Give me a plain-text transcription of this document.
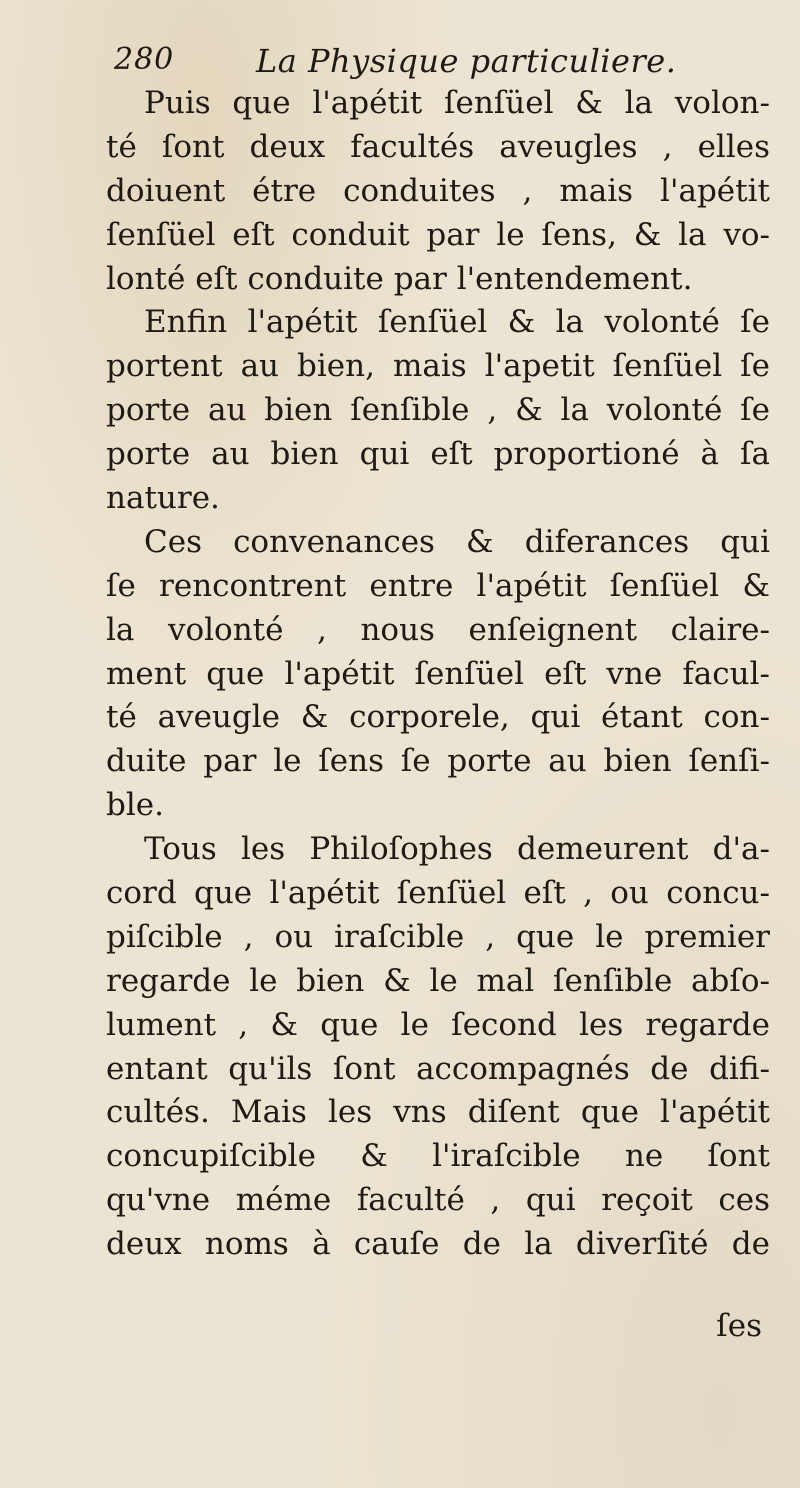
280	La Physique particuliere.
Puis que l'apétit ſenſüel & la volon-
té ſont deux facultés aveugles , elles
doiuent étre conduites , mais l'apétit
ſenſüel eſt conduit par le ſens, & la vo-
lonté eſt conduite par l'entendement.
Enfin l'apétit ſenſüel & la volonté ſe
portent au bien, mais l'apetit ſenſüel ſe
porte au bien ſenſible , & la volonté ſe
porte au bien qui eſt proportioné à ſa
nature.
Ces convenances & diferances qui
ſe rencontrent entre l'apétit ſenſüel &
la volonté , nous enſeignent claire-
ment que l'apétit ſenſüel eſt vne facul-
té aveugle & corporele, qui étant con-
duite par le ſens ſe porte au bien ſenſi-
ble.
Tous les Philoſophes demeurent d'a-
cord que l'apétit ſenſüel eſt , ou concu-
piſcible , ou iraſcible , que le premier
regarde le bien & le mal ſenſible abſo-
lument , & que le ſecond les regarde
entant qu'ils ſont accompagnés de difi-
cultés. Mais les vns diſent que l'apétit
concupiſcible & l'iraſcible ne ſont
qu'vne méme faculté , qui reçoit ces
deux noms à cauſe de la diverſité de
ſes
